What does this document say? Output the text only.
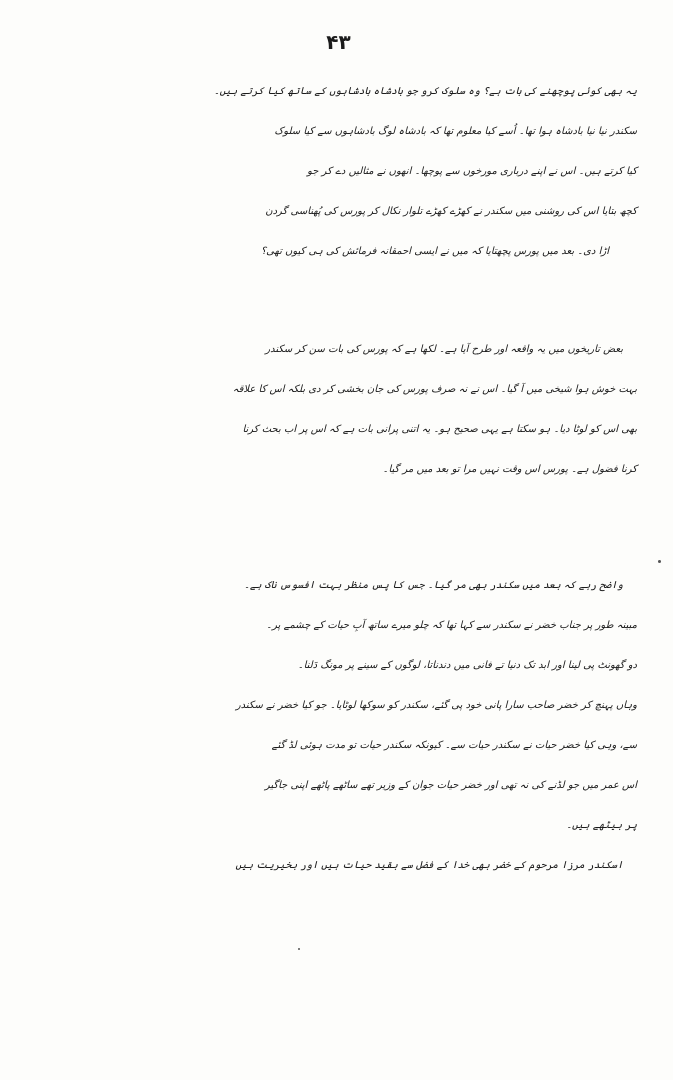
۴۳
یہ بھی کوئی پوچھنے کی بات ہے؟ وہ سلوک کرو جو بادشاہ بادشاہوں کے ساتھ کیا کرتے ہیں۔
سکندر نیا نیا بادشاہ ہوا تھا۔ اُسے کیا معلوم تھا کہ بادشاہ لوگ بادشاہوں سے کیا سلوک
کیا کرتے ہیں۔ اس نے اپنے درباری مورخوں سے پوچھا۔ انھوں نے مثالیں دے کر جو
کچھ بتایا اس کی روشنی میں سکندر نے کھڑے کھڑے تلوار نکال کر پورس کی پُھناسی گردن
اڑا دی۔ بعد میں پورس پچھتایا کہ میں نے ایسی احمقانہ فرمائش کی ہی کیوں تھی؟
بعض تاریخوں میں یہ واقعہ اور طرح آیا ہے۔ لکھا ہے کہ پورس کی بات سن کر سکندر
بہت خوش ہوا شیخی میں آ گیا۔ اس نے نہ صرف پورس کی جان بخشی کر دی بلکہ اس کا علاقہ
بھی اس کو لوٹا دیا۔ ہو سکتا ہے یہی صحیح ہو۔ یہ اتنی پرانی بات ہے کہ اس پر اب بحث کرنا
کرنا فضول ہے۔ پورس اس وقت نہیں مرا تو بعد میں مر گیا۔
واضح رہے کہ بعد میں سکندر بھی مر گیا۔ جس کا پس منظر بہت افسوس ناک ہے۔
مبینہ طور پر جناب خضر نے سکندر سے کہا تھا کہ چلو میرے ساتھ آبِ حیات کے چشمے پر۔
دو گھونٹ پی لینا اور ابد تک دنیا تے فانی میں دندناتا، لوگوں کے سینے پر مونگ دَلنا۔
وہاں پہنچ کر خضر صاحب سارا پانی خود پی گئے، سکندر کو سوکھا لوٹایا۔ جو کیا خضر نے سکندر
سے، وہی کیا خضر حیات نے سکندر حیات سے۔ کیونکہ سکندر حیات تو مدت ہوئی لڈ گئے
اس عمر میں جو لڈنے کی نہ تھی اور خضر حیات جوان کے وزیر تھے ساٹھے پاٹھے اپنی جاگیر
پر بیٹھے ہیں۔
اسکندر مرزا مرحوم کے خضر بھی خدا کے فضل سے بقید حیات ہیں اور بخیریت ہیں
